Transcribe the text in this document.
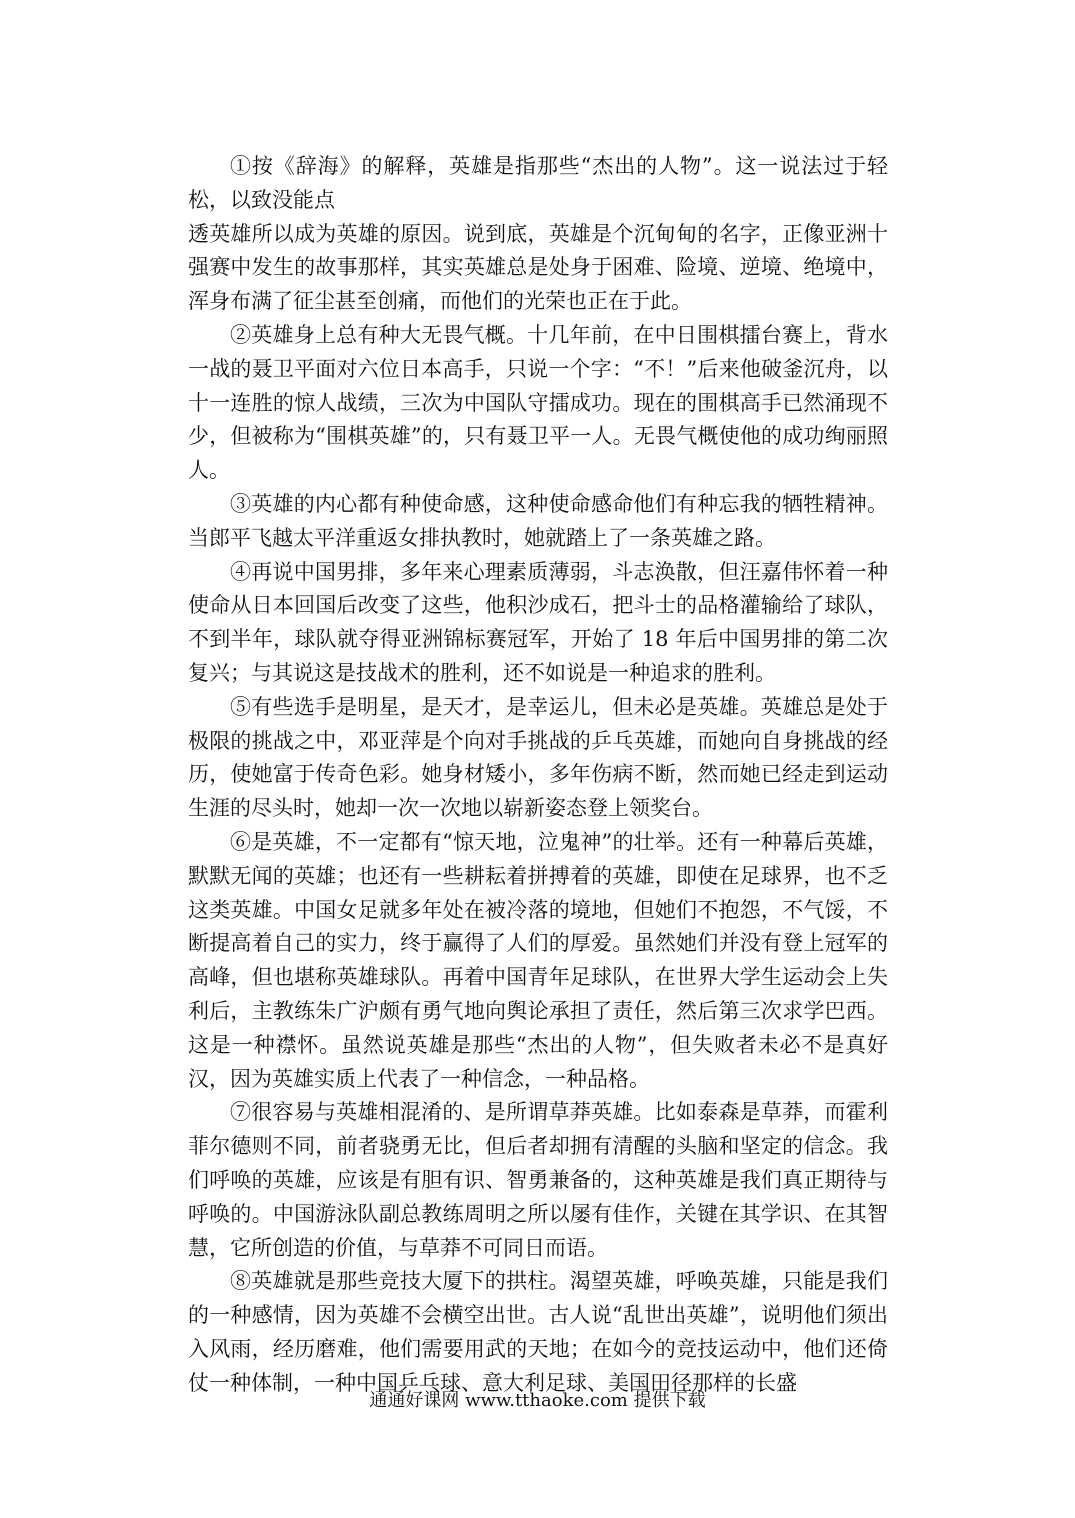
①按《辞海》的解释，英雄是指那些“杰出的人物”。这一说法过于轻松，以致没能点

透英雄所以成为英雄的原因。说到底，英雄是个沉甸甸的名字，正像亚洲十强赛中发生的故事那样，其实英雄总是处身于困难、险境、逆境、绝境中，浑身布满了征尘甚至创痛，而他们的光荣也正在于此。

②英雄身上总有种大无畏气概。十几年前，在中日围棋擂台赛上，背水一战的聂卫平面对六位日本高手，只说一个字：“不！”后来他破釜沉舟，以十一连胜的惊人战绩，三次为中国队守擂成功。现在的围棋高手已然涌现不少，但被称为“围棋英雄”的，只有聂卫平一人。无畏气概使他的成功绚丽照人。

③英雄的内心都有种使命感，这种使命感命他们有种忘我的牺牲精神。当郎平飞越太平洋重返女排执教时，她就踏上了一条英雄之路。

④再说中国男排，多年来心理素质薄弱，斗志涣散，但汪嘉伟怀着一种使命从日本回国后改变了这些，他积沙成石，把斗士的品格灌输给了球队，不到半年，球队就夺得亚洲锦标赛冠军，开始了 18 年后中国男排的第二次复兴；与其说这是技战术的胜利，还不如说是一种追求的胜利。

⑤有些选手是明星，是天才，是幸运儿，但未必是英雄。英雄总是处于极限的挑战之中，邓亚萍是个向对手挑战的乒乓英雄，而她向自身挑战的经历，使她富于传奇色彩。她身材矮小，多年伤病不断，然而她已经走到运动生涯的尽头时，她却一次一次地以崭新姿态登上领奖台。

⑥是英雄，不一定都有“惊天地，泣鬼神”的壮举。还有一种幕后英雄，默默无闻的英雄；也还有一些耕耘着拼搏着的英雄，即使在足球界，也不乏这类英雄。中国女足就多年处在被冷落的境地，但她们不抱怨，不气馁，不断提高着自己的实力，终于赢得了人们的厚爱。虽然她们并没有登上冠军的高峰，但也堪称英雄球队。再着中国青年足球队，在世界大学生运动会上失利后，主教练朱广沪颇有勇气地向舆论承担了责任，然后第三次求学巴西。这是一种襟怀。虽然说英雄是那些“杰出的人物”，但失败者未必不是真好汉，因为英雄实质上代表了一种信念，一种品格。

⑦很容易与英雄相混淆的、是所谓草莽英雄。比如泰森是草莽，而霍利菲尔德则不同，前者骁勇无比，但后者却拥有清醒的头脑和坚定的信念。我们呼唤的英雄，应该是有胆有识、智勇兼备的，这种英雄是我们真正期待与呼唤的。中国游泳队副总教练周明之所以屡有佳作，关键在其学识、在其智慧，它所创造的价值，与草莽不可同日而语。

⑧英雄就是那些竞技大厦下的拱柱。渴望英雄，呼唤英雄，只能是我们的一种感情，因为英雄不会横空出世。古人说“乱世出英雄”，说明他们须出入风雨，经历磨难，他们需要用武的天地；在如今的竞技运动中，他们还倚仗一种体制，一种中国乒乓球、意大利足球、美国田径那样的长盛

通通好课网 www.tthaoke.com 提供下载
